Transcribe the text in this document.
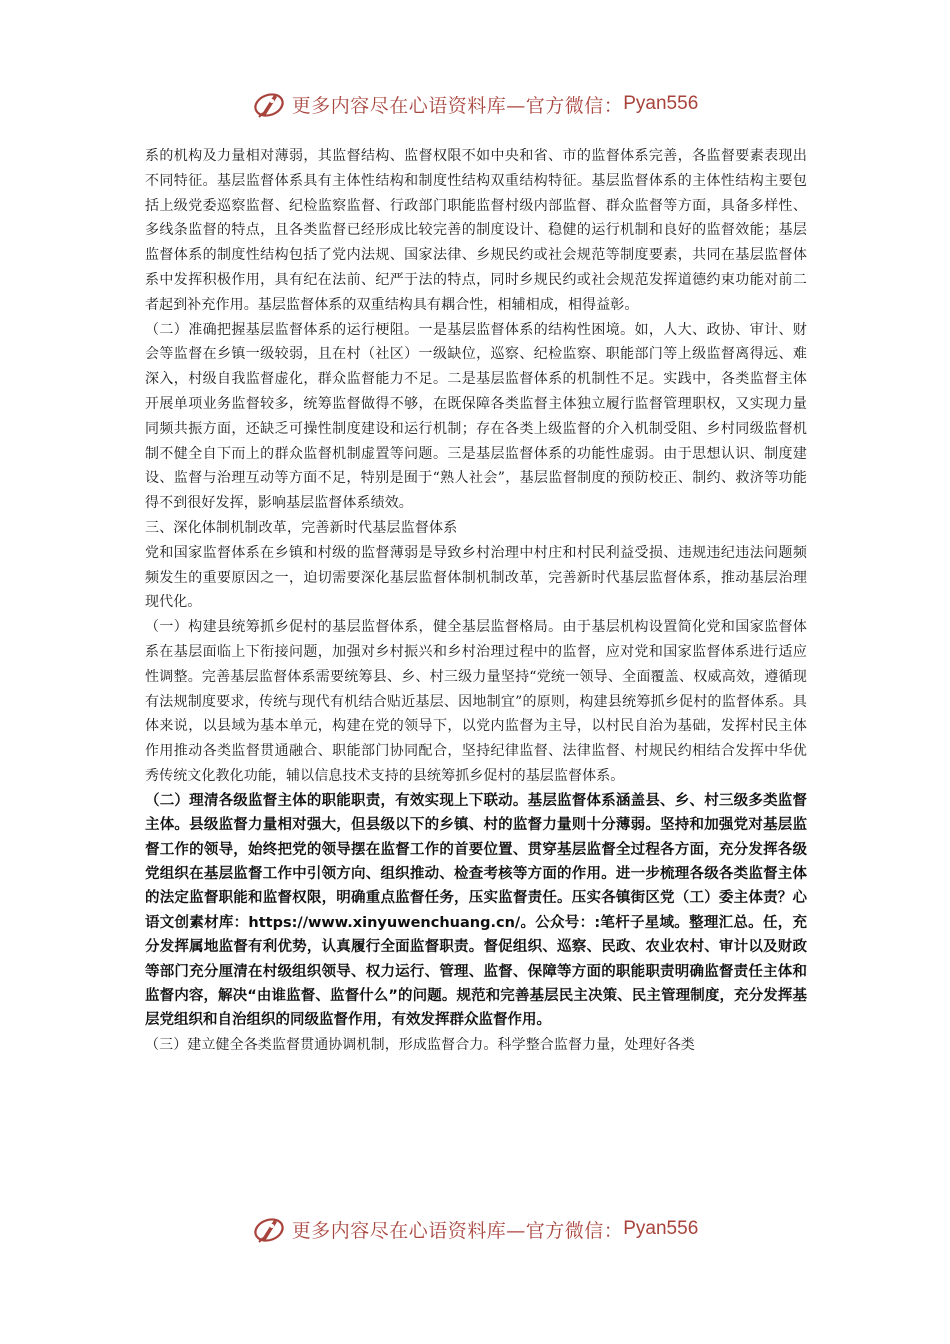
更多内容尽在心语资料库—官方微信： Pyan556

系的机构及力量相对薄弱，其监督结构、监督权限不如中央和省、市的监督体系完善，各监督要素表现出不同特征。基层监督体系具有主体性结构和制度性结构双重结构特征。基层监督体系的主体性结构主要包括上级党委巡察监督、纪检监察监督、行政部门职能监督村级内部监督、群众监督等方面，具备多样性、多线条监督的特点，且各类监督已经形成比较完善的制度设计、稳健的运行机制和良好的监督效能；基层监督体系的制度性结构包括了党内法规、国家法律、乡规民约或社会规范等制度要素，共同在基层监督体系中发挥积极作用，具有纪在法前、纪严于法的特点，同时乡规民约或社会规范发挥道德约束功能对前二者起到补充作用。基层监督体系的双重结构具有耦合性，相辅相成，相得益彰。

（二）准确把握基层监督体系的运行梗阻。一是基层监督体系的结构性困境。如，人大、政协、审计、财会等监督在乡镇一级较弱，且在村（社区）一级缺位，巡察、纪检监察、职能部门等上级监督离得远、难深入，村级自我监督虚化，群众监督能力不足。二是基层监督体系的机制性不足。实践中，各类监督主体开展单项业务监督较多，统筹监督做得不够，在既保障各类监督主体独立履行监督管理职权，又实现力量同频共振方面，还缺乏可操性制度建设和运行机制；存在各类上级监督的介入机制受阻、乡村同级监督机制不健全自下而上的群众监督机制虚置等问题。三是基层监督体系的功能性虚弱。由于思想认识、制度建设、监督与治理互动等方面不足，特别是囿于“熟人社会”，基层监督制度的预防校正、制约、救济等功能得不到很好发挥，影响基层监督体系绩效。

三、深化体制机制改革，完善新时代基层监督体系

党和国家监督体系在乡镇和村级的监督薄弱是导致乡村治理中村庄和村民利益受损、违规违纪违法问题频频发生的重要原因之一，迫切需要深化基层监督体制机制改革，完善新时代基层监督体系，推动基层治理现代化。

（一）构建县统筹抓乡促村的基层监督体系，健全基层监督格局。由于基层机构设置简化党和国家监督体系在基层面临上下衔接问题，加强对乡村振兴和乡村治理过程中的监督，应对党和国家监督体系进行适应性调整。完善基层监督体系需要统筹县、乡、村三级力量坚持“党统一领导、全面覆盖、权威高效，遵循现有法规制度要求，传统与现代有机结合贴近基层、因地制宜”的原则，构建县统筹抓乡促村的监督体系。具体来说，以县域为基本单元，构建在党的领导下，以党内监督为主导，以村民自治为基础，发挥村民主体作用推动各类监督贯通融合、职能部门协同配合，坚持纪律监督、法律监督、村规民约相结合发挥中华优秀传统文化教化功能，辅以信息技术支持的县统筹抓乡促村的基层监督体系。

（二）理清各级监督主体的职能职责，有效实现上下联动。基层监督体系涵盖县、乡、村三级多类监督主体。县级监督力量相对强大，但县级以下的乡镇、村的监督力量则十分薄弱。坚持和加强党对基层监督工作的领导，始终把党的领导摆在监督工作的首要位置、贯穿基层监督全过程各方面，充分发挥各级党组织在基层监督工作中引领方向、组织推动、检查考核等方面的作用。进一步梳理各级各类监督主体的法定监督职能和监督权限，明确重点监督任务，压实监督责任。压实各镇街区党（工）委主体责？心语文创素材库：https://www.xinyuwenchuang.cn/。公众号：:笔杆子星域。整理汇总。任，充分发挥属地监督有利优势，认真履行全面监督职责。督促组织、巡察、民政、农业农村、审计以及财政等部门充分厘清在村级组织领导、权力运行、管理、监督、保障等方面的职能职责明确监督责任主体和监督内容，解决“由谁监督、监督什么”的问题。规范和完善基层民主决策、民主管理制度，充分发挥基层党组织和自治组织的同级监督作用，有效发挥群众监督作用。

（三）建立健全各类监督贯通协调机制，形成监督合力。科学整合监督力量，处理好各类

更多内容尽在心语资料库—官方微信： Pyan556
